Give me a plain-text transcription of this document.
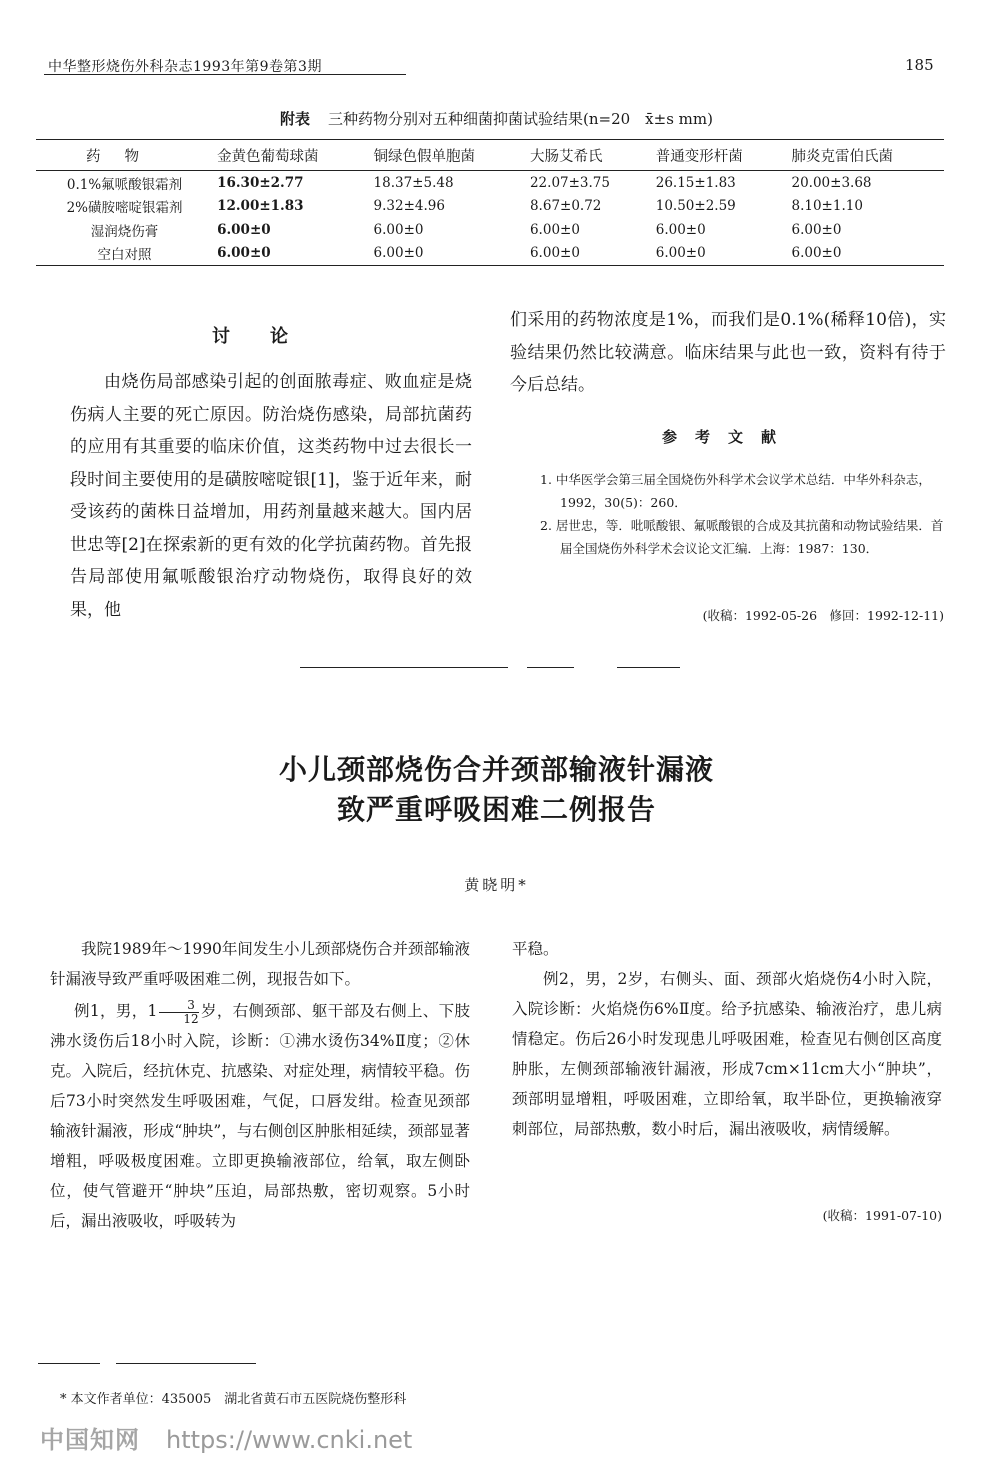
中华整形烧伤外科杂志1993年第9卷第3期	185
附表 三种药物分别对五种细菌抑菌试验结果(n=20　x̄±s mm)
药物	金黄色葡萄球菌	铜绿色假单胞菌	大肠艾希氏	普通变形杆菌	肺炎克雷伯氏菌
0.1%氟哌酸银霜剂	16.30±2.77	18.37±5.48	22.07±3.75	26.15±1.83	20.00±3.68
2%磺胺嘧啶银霜剂	12.00±1.83	9.32±4.96	8.67±0.72	10.50±2.59	8.10±1.10
湿润烧伤膏	6.00±0	6.00±0	6.00±0	6.00±0	6.00±0
空白对照	6.00±0	6.00±0	6.00±0	6.00±0	6.00±0
讨论
由烧伤局部感染引起的创面脓毒症、败血症是烧伤病人主要的死亡原因。防治烧伤感染，局部抗菌药的应用有其重要的临床价值，这类药物中过去很长一段时间主要使用的是磺胺嘧啶银[1]，鉴于近年来，耐受该药的菌株日益增加，用药剂量越来越大。国内居世忠等[2]在探索新的更有效的化学抗菌药物。首先报告局部使用氟哌酸银治疗动物烧伤，取得良好的效果，他
们采用的药物浓度是1%，而我们是0.1%(稀释10倍)，实验结果仍然比较满意。临床结果与此也一致，资料有待于今后总结。
参考文献
1. 中华医学会第三届全国烧伤外科学术会议学术总结．中华外科杂志，1992，30(5)：260．
2. 居世忠，等．吡哌酸银、氟哌酸银的合成及其抗菌和动物试验结果．首届全国烧伤外科学术会议论文汇编．上海：1987：130．
(收稿：1992-05-26　修回：1992-12-11)
小儿颈部烧伤合并颈部输液针漏液
致严重呼吸困难二例报告
黄晓明*
我院1989年～1990年间发生小儿颈部烧伤合并颈部输液针漏液导致严重呼吸困难二例，现报告如下。
例1，男，$1 \frac{3}{12}$ 岁，右侧颈部、躯干部及右侧上、下肢沸水烫伤后18小时入院，诊断：①沸水烫伤34%Ⅱ度；②休克。入院后，经抗休克、抗感染、对症处理，病情较平稳。伤后73小时突然发生呼吸困难，气促，口唇发绀。检查见颈部输液针漏液，形成“肿块”，与右侧创区肿胀相延续，颈部显著增粗，呼吸极度困难。立即更换输液部位，给氧，取左侧卧位，使气管避开“肿块”压迫，局部热敷，密切观察。5小时后，漏出液吸收，呼吸转为
平稳。
例2，男，2岁，右侧头、面、颈部火焰烧伤4小时入院，入院诊断：火焰烧伤6%Ⅱ度。给予抗感染、输液治疗，患儿病情稳定。伤后26小时发现患儿呼吸困难，检查见右侧创区高度肿胀，左侧颈部输液针漏液，形成7cm×11cm大小“肿块”，颈部明显增粗，呼吸困难，立即给氧，取半卧位，更换输液穿刺部位，局部热敷，数小时后，漏出液吸收，病情缓解。
(收稿：1991-07-10)
* 本文作者单位：435005　湖北省黄石市五医院烧伤整形科
中国知网 https://www.cnki.net
